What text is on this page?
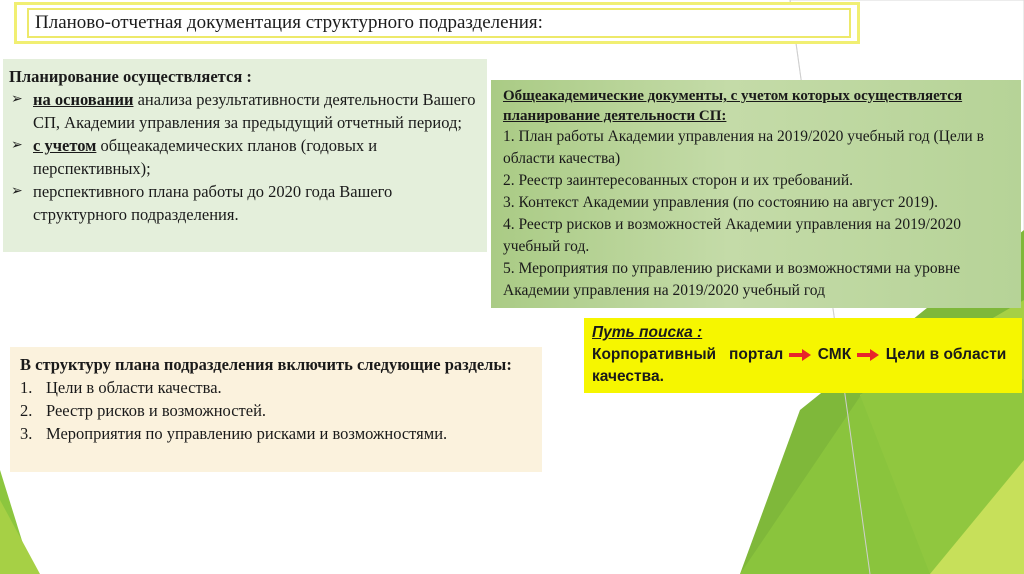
Планово-отчетная документация структурного подразделения:
Планирование осуществляется :
➢ на основании анализа результативности деятельности Вашего СП, Академии управления за предыдущий отчетный период;
➢ с учетом общеакадемических планов (годовых и перспективных);
➢ перспективного плана работы до 2020 года Вашего структурного подразделения.
Общеакадемические документы, с учетом которых осуществляется планирование деятельности СП:
1. План работы Академии управления на 2019/2020 учебный год (Цели в области качества)
2. Реестр заинтересованных сторон и их требований.
3. Контекст Академии управления (по состоянию на август 2019).
4. Реестр рисков и возможностей Академии управления на 2019/2020 учебный год.
5. Мероприятия по управлению рисками и возможностями на уровне Академии управления на 2019/2020 учебный год
Путь поиска :
Корпоративный   портал СМК Цели в области качества.
В структуру плана подразделения включить следующие разделы:
1. Цели в области качества.
2. Реестр рисков и возможностей.
3. Мероприятия по управлению рисками и возможностями.
